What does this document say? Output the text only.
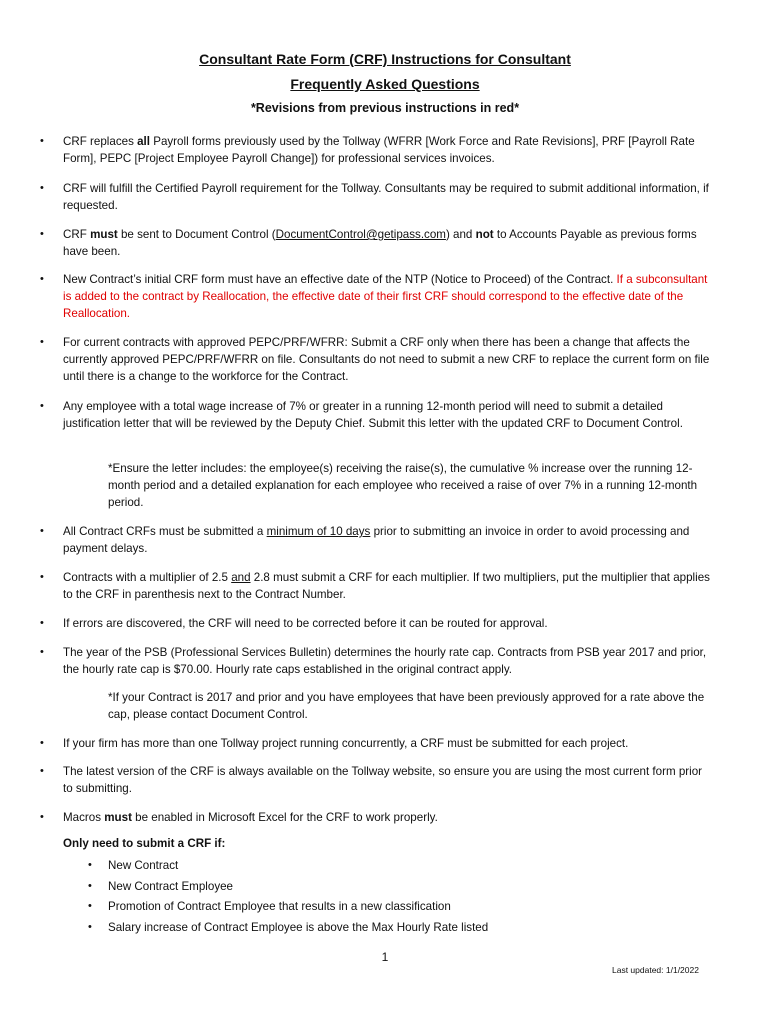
Consultant Rate Form (CRF) Instructions for Consultant
Frequently Asked Questions
*Revisions from previous instructions in red*
• CRF replaces all Payroll forms previously used by the Tollway (WFRR [Work Force and Rate Revisions], PRF [Payroll Rate Form], PEPC [Project Employee Payroll Change]) for professional services invoices.
• CRF will fulfill the Certified Payroll requirement for the Tollway. Consultants may be required to submit additional information, if requested.
• CRF must be sent to Document Control (DocumentControl@getipass.com) and not to Accounts Payable as previous forms have been.
• New Contract’s initial CRF form must have an effective date of the NTP (Notice to Proceed) of the Contract. If a subconsultant is added to the contract by Reallocation, the effective date of their first CRF should correspond to the effective date of the Reallocation.
• For current contracts with approved PEPC/PRF/WFRR: Submit a CRF only when there has been a change that affects the currently approved PEPC/PRF/WFRR on file. Consultants do not need to submit a new CRF to replace the current form on file until there is a change to the workforce for the Contract.
• Any employee with a total wage increase of 7% or greater in a running 12-month period will need to submit a detailed justification letter that will be reviewed by the Deputy Chief. Submit this letter with the updated CRF to Document Control.
*Ensure the letter includes: the employee(s) receiving the raise(s), the cumulative % increase over the running 12-month period and a detailed explanation for each employee who received a raise of over 7% in a running 12-month period.
• All Contract CRFs must be submitted a minimum of 10 days prior to submitting an invoice in order to avoid processing and payment delays.
• Contracts with a multiplier of 2.5 and 2.8 must submit a CRF for each multiplier. If two multipliers, put the multiplier that applies to the CRF in parenthesis next to the Contract Number.
• If errors are discovered, the CRF will need to be corrected before it can be routed for approval.
• The year of the PSB (Professional Services Bulletin) determines the hourly rate cap. Contracts from PSB year 2017 and prior, the hourly rate cap is $70.00. Hourly rate caps established in the original contract apply.
*If your Contract is 2017 and prior and you have employees that have been previously approved for a rate above the cap, please contact Document Control.
• If your firm has more than one Tollway project running concurrently, a CRF must be submitted for each project.
• The latest version of the CRF is always available on the Tollway website, so ensure you are using the most current form prior to submitting.
• Macros must be enabled in Microsoft Excel for the CRF to work properly.
Only need to submit a CRF if:
• New Contract
• New Contract Employee
• Promotion of Contract Employee that results in a new classification
• Salary increase of Contract Employee is above the Max Hourly Rate listed
1
Last updated: 1/1/2022
